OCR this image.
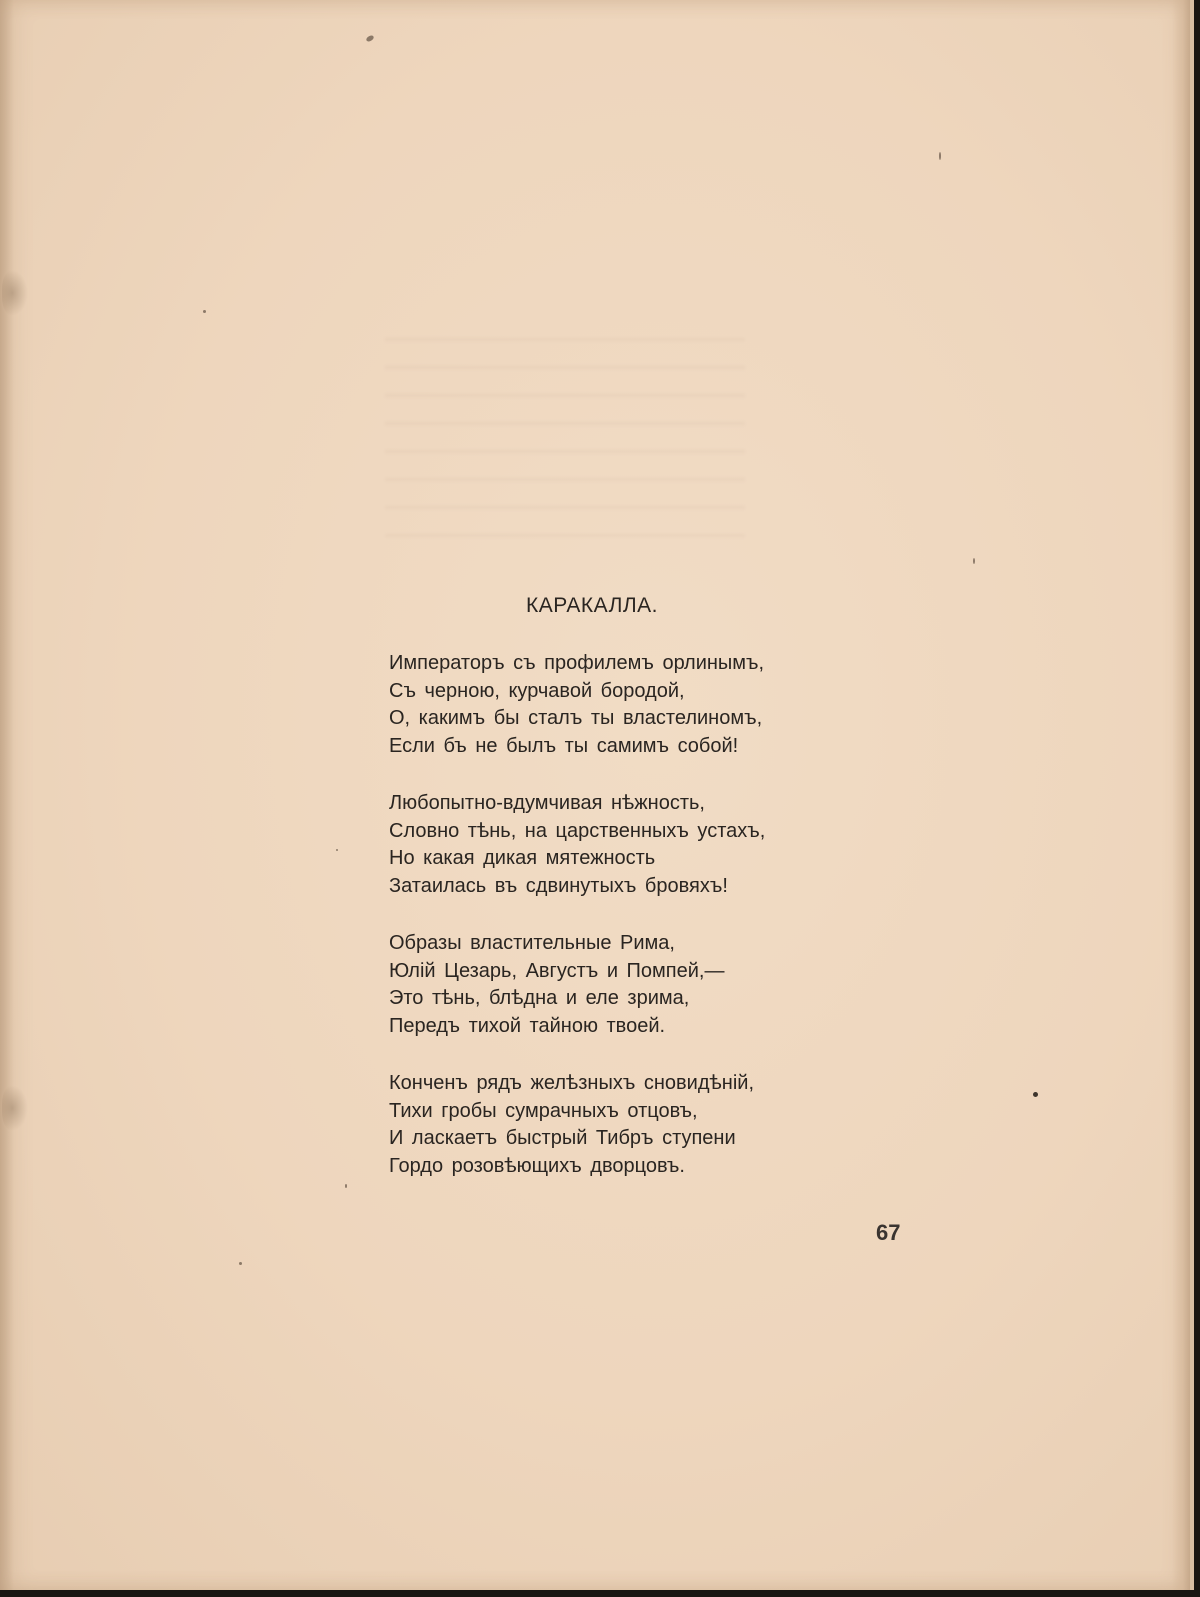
КАРАКАЛЛА.
Императоръ съ профилемъ орлинымъ,
Съ черною, курчавой бородой,
О, какимъ бы сталъ ты властелиномъ,
Если бъ не былъ ты самимъ собой!
Любопытно-вдумчивая нѣжность,
Словно тѣнь, на царственныхъ устахъ,
Но какая дикая мятежность
Затаилась въ сдвинутыхъ бровяхъ!
Образы властительные Рима,
Юлій Цезарь, Августъ и Помпей,—
Это тѣнь, блѣдна и еле зрима,
Передъ тихой тайною твоей.
Конченъ рядъ желѣзныхъ сновидѣній,
Тихи гробы сумрачныхъ отцовъ,
И ласкаетъ быстрый Тибръ ступени
Гордо розовѣющихъ дворцовъ.
67
